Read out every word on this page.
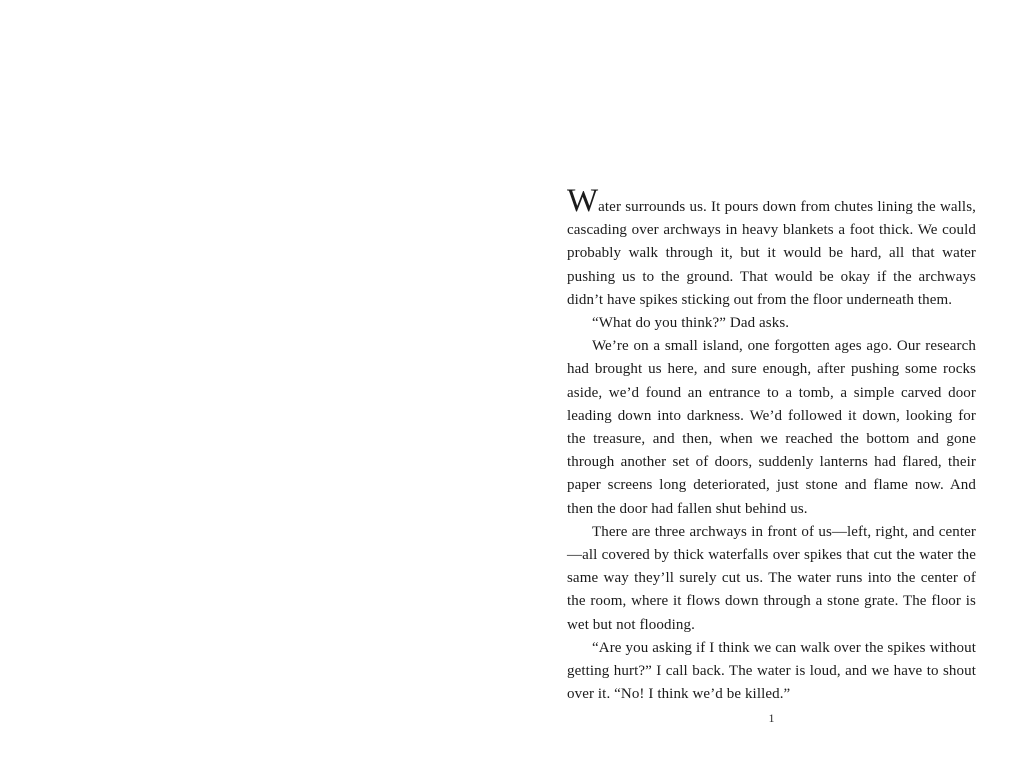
Water surrounds us. It pours down from chutes lining the walls, cascading over archways in heavy blankets a foot thick. We could probably walk through it, but it would be hard, all that water pushing us to the ground. That would be okay if the archways didn’t have spikes sticking out from the floor underneath them.

“What do you think?” Dad asks.

We’re on a small island, one forgotten ages ago. Our research had brought us here, and sure enough, after pushing some rocks aside, we’d found an entrance to a tomb, a simple carved door leading down into darkness. We’d followed it down, looking for the treasure, and then, when we reached the bottom and gone through another set of doors, suddenly lanterns had flared, their paper screens long deteriorated, just stone and flame now. And then the door had fallen shut behind us.

There are three archways in front of us—left, right, and center—all covered by thick waterfalls over spikes that cut the water the same way they’ll surely cut us. The water runs into the center of the room, where it flows down through a stone grate. The floor is wet but not flooding.

“Are you asking if I think we can walk over the spikes without getting hurt?” I call back. The water is loud, and we have to shout over it. “No! I think we’d be killed.”

1
